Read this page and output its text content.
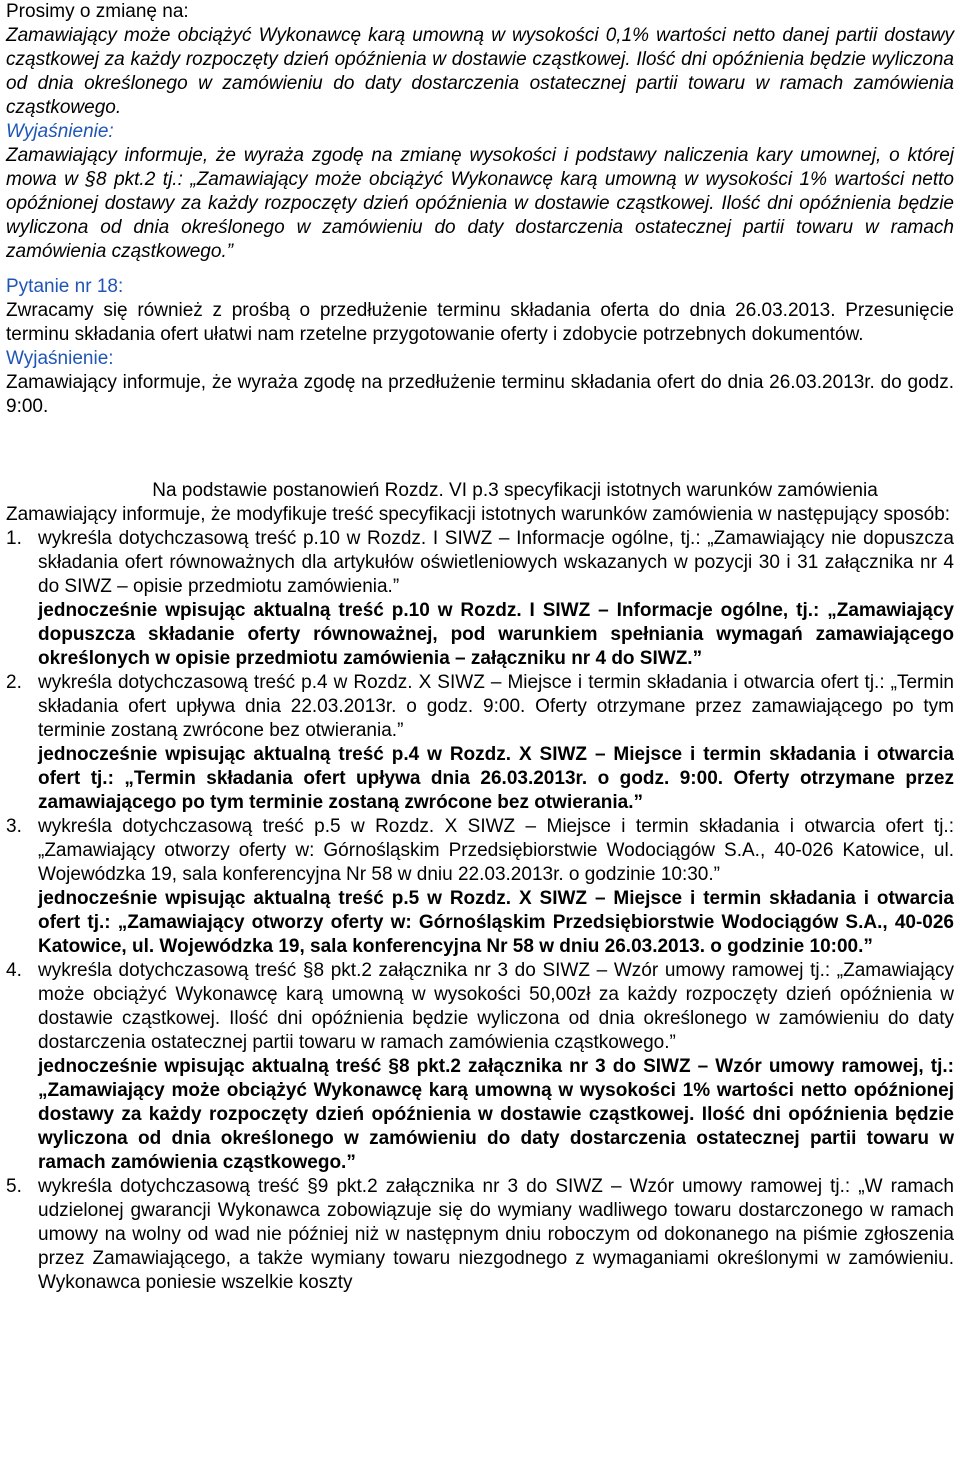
Prosimy o zmianę na:

Zamawiający może obciążyć Wykonawcę karą umowną w wysokości 0,1% wartości netto danej partii dostawy cząstkowej za każdy rozpoczęty dzień opóźnienia w dostawie cząstkowej. Ilość dni opóźnienia będzie wyliczona od dnia określonego w zamówieniu do daty dostarczenia ostatecznej partii towaru w ramach zamówienia cząstkowego.

Wyjaśnienie:

Zamawiający informuje, że wyraża zgodę na zmianę wysokości i podstawy naliczenia kary umownej, o której mowa w §8 pkt.2 tj.: „Zamawiający może obciążyć Wykonawcę karą umowną w wysokości 1% wartości netto opóźnionej dostawy za każdy rozpoczęty dzień opóźnienia w dostawie cząstkowej. Ilość dni opóźnienia będzie wyliczona od dnia określonego w zamówieniu do daty dostarczenia ostatecznej partii towaru w ramach zamówienia cząstkowego.”

Pytanie nr 18:

Zwracamy się również z prośbą o przedłużenie terminu składania oferta do dnia 26.03.2013. Przesunięcie terminu składania ofert ułatwi nam rzetelne przygotowanie oferty i zdobycie potrzebnych dokumentów.

Wyjaśnienie:

Zamawiający informuje, że wyraża zgodę na przedłużenie terminu składania ofert do dnia 26.03.2013r. do godz. 9:00.

Na podstawie postanowień Rozdz. VI p.3 specyfikacji istotnych warunków zamówienia

Zamawiający informuje, że modyfikuje treść specyfikacji istotnych warunków zamówienia w następujący sposób:

1. wykreśla dotychczasową treść p.10 w Rozdz. I SIWZ – Informacje ogólne, tj.: „Zamawiający nie dopuszcza składania ofert równoważnych dla artykułów oświetleniowych wskazanych w pozycji 30 i 31 załącznika nr 4 do SIWZ – opisie przedmiotu zamówienia.”

jednocześnie wpisując aktualną treść p.10 w Rozdz. I SIWZ – Informacje ogólne, tj.: „Zamawiający dopuszcza składanie oferty równoważnej, pod warunkiem spełniania wymagań zamawiającego określonych w opisie przedmiotu zamówienia – załączniku nr 4 do SIWZ.”

2. wykreśla dotychczasową treść p.4 w Rozdz. X SIWZ – Miejsce i termin składania i otwarcia ofert tj.: „Termin składania ofert upływa dnia 22.03.2013r. o godz. 9:00. Oferty otrzymane przez zamawiającego po tym terminie zostaną zwrócone bez otwierania.”

jednocześnie wpisując aktualną treść p.4 w Rozdz. X SIWZ – Miejsce i termin składania i otwarcia ofert tj.: „Termin składania ofert upływa dnia 26.03.2013r. o godz. 9:00. Oferty otrzymane przez zamawiającego po tym terminie zostaną zwrócone bez otwierania.”

3. wykreśla dotychczasową treść p.5 w Rozdz. X SIWZ – Miejsce i termin składania i otwarcia ofert tj.: „Zamawiający otworzy oferty w: Górnośląskim Przedsiębiorstwie Wodociągów S.A., 40-026 Katowice, ul. Wojewódzka 19, sala konferencyjna Nr 58 w dniu 22.03.2013r. o godzinie 10:30.”

jednocześnie wpisując aktualną treść p.5 w Rozdz. X SIWZ – Miejsce i termin składania i otwarcia ofert tj.: „Zamawiający otworzy oferty w: Górnośląskim Przedsiębiorstwie Wodociągów S.A., 40-026 Katowice, ul. Wojewódzka 19, sala konferencyjna Nr 58 w dniu 26.03.2013. o godzinie 10:00.”

4. wykreśla dotychczasową treść §8 pkt.2 załącznika nr 3 do SIWZ – Wzór umowy ramowej tj.: „Zamawiający może obciążyć Wykonawcę karą umowną w wysokości 50,00zł za każdy rozpoczęty dzień opóźnienia w dostawie cząstkowej. Ilość dni opóźnienia będzie wyliczona od dnia określonego w zamówieniu do daty dostarczenia ostatecznej partii towaru w ramach zamówienia cząstkowego.”

jednocześnie wpisując aktualną treść §8 pkt.2 załącznika nr 3 do SIWZ – Wzór umowy ramowej, tj.: „Zamawiający może obciążyć Wykonawcę karą umowną w wysokości 1% wartości netto opóźnionej dostawy za każdy rozpoczęty dzień opóźnienia w dostawie cząstkowej. Ilość dni opóźnienia będzie wyliczona od dnia określonego w zamówieniu do daty dostarczenia ostatecznej partii towaru w ramach zamówienia cząstkowego.”

5. wykreśla dotychczasową treść §9 pkt.2 załącznika nr 3 do SIWZ – Wzór umowy ramowej tj.: „W ramach udzielonej gwarancji Wykonawca zobowiązuje się do wymiany wadliwego towaru dostarczonego w ramach umowy na wolny od wad nie później niż w następnym dniu roboczym od dokonanego na piśmie zgłoszenia przez Zamawiającego, a także wymiany towaru niezgodnego z wymaganiami określonymi w zamówieniu. Wykonawca poniesie wszelkie koszty
